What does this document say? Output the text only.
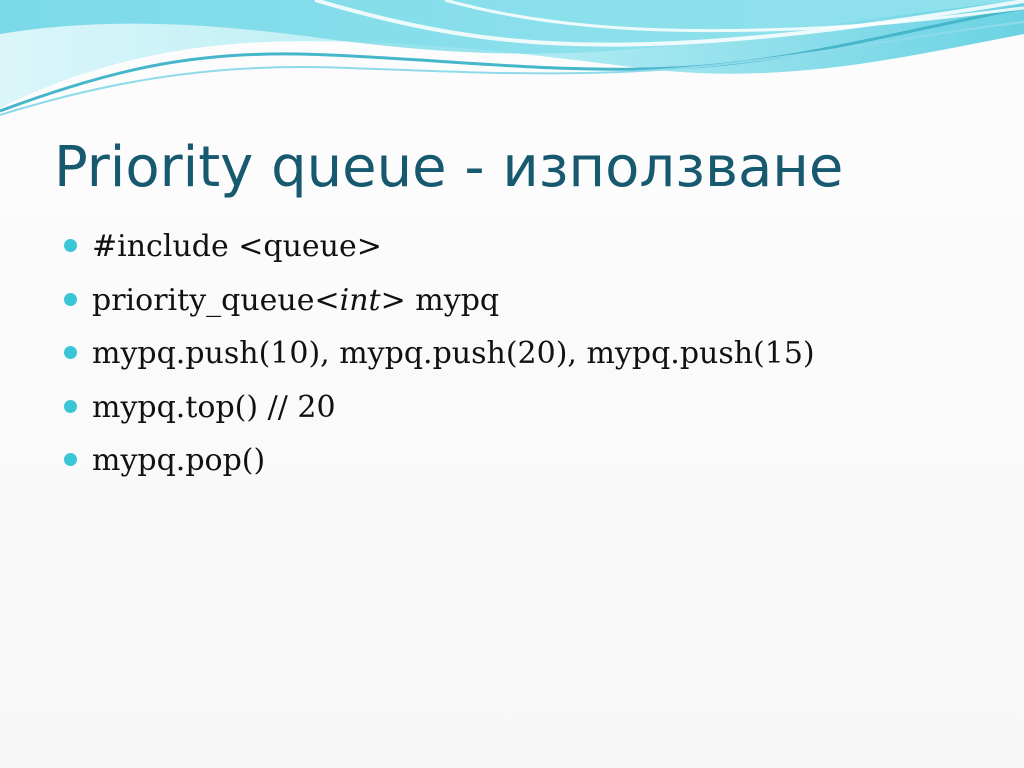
Priority queue - използване
#include <queue>
priority_queue<int> mypq
mypq.push(10), mypq.push(20), mypq.push(15)
mypq.top() // 20
mypq.pop()
